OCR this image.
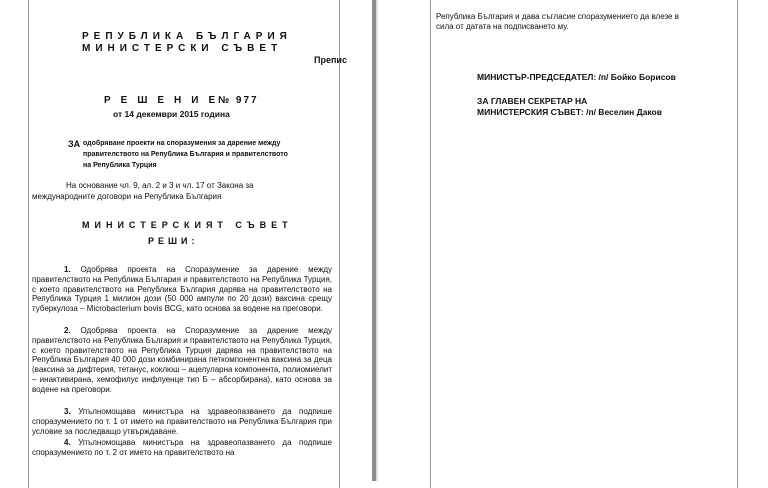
РЕПУБЛИКА БЪЛГАРИЯ
МИНИСТЕРСКИ СЪВЕТ
Препис
РЕШЕНИЕ
№ 977
от 14 декември 2015 година
ЗА одобряване проекти на споразумения за дарение между
правителството на Република България и правителството
на Република Турция
На основание чл. 9, ал. 2 и 3 и чл. 17 от Закона за
международните договори на Република България
МИНИСТЕРСКИЯТ СЪВЕТ
РЕШИ:
1. Одобрява проекта на Споразумение за дарение между правителството на Република България и правителството на Република Турция, с което правителството на Република България дарява на правителството на Република Турция 1 милион дози (50 000 ампули по 20 дози) ваксина срещу туберкулоза – Microbacterium bovis BCG, като основа за водене на преговори.
2. Одобрява проекта на Споразумение за дарение между правителството на Република България и правителството на Република Турция, с което правителството на Република Турция дарява на правителството на Република България 40 000 дози комбинирана петкомпонентна ваксина за деца (ваксина за дифтерия, тетанус, коклюш – ацелуларна компонента, полиомиелит – инактивирана, хемофилус инфлуенце тип Б – абсорбирана), като основа за водене на преговори.
3. Упълномощава министъра на здравеопазването да подпише споразумението по т. 1 от името на правителството на Република България при условие за последващо утвърждаване.
4. Упълномощава министъра на здравеопазването да подпише споразумението по т. 2 от името на правителството на
Република България и дава съгласие споразумението да влезе в
сила от датата на подписването му.
МИНИСТЪР-ПРЕДСЕДАТЕЛ: /п/ Бойко Борисов
ЗА ГЛАВЕН СЕКРЕТАР НА
МИНИСТЕРСКИЯ СЪВЕТ: /п/ Веселин Даков
